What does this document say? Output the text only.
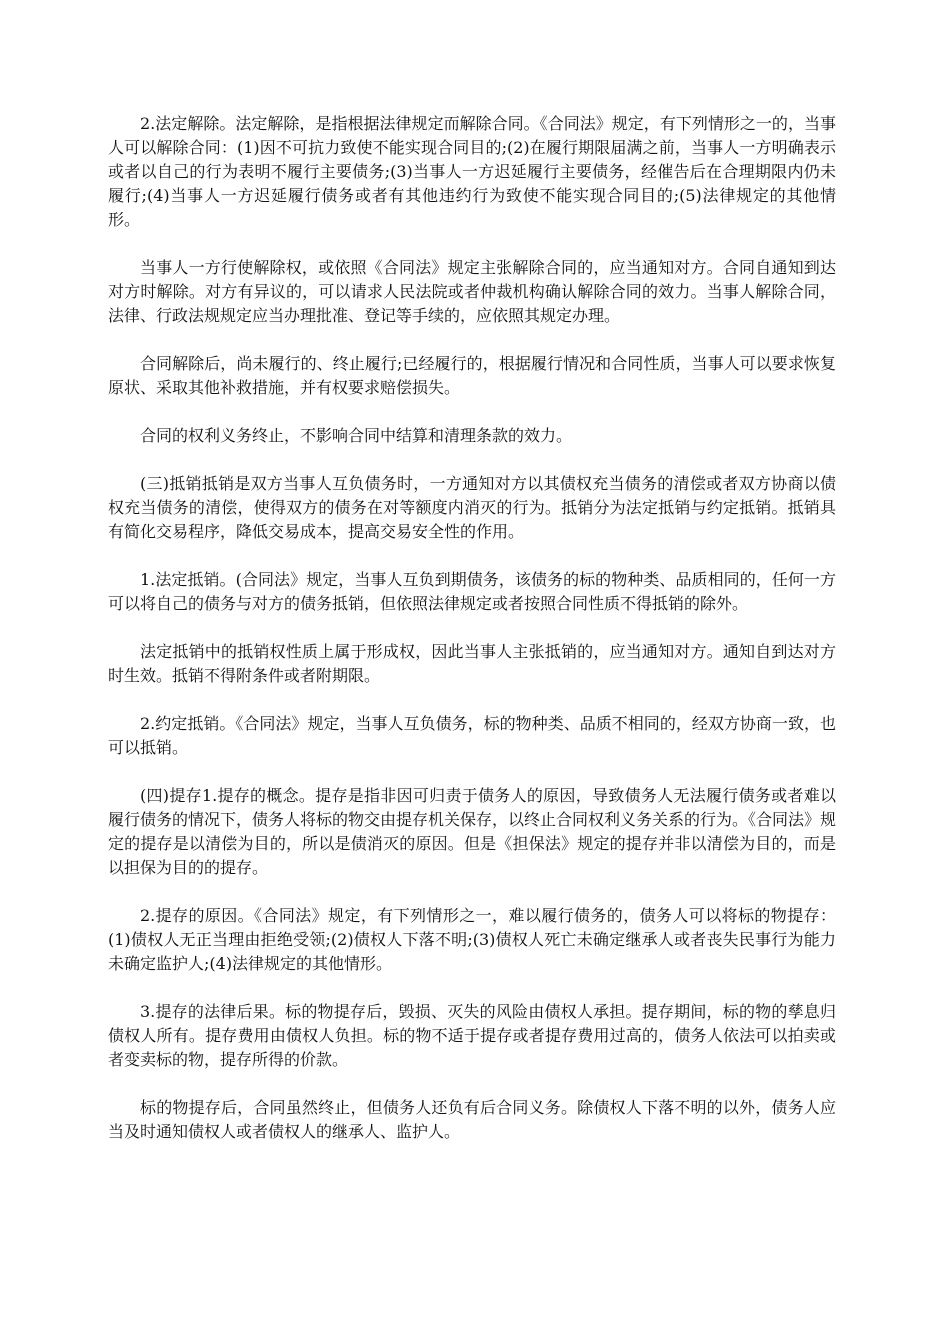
2.法定解除。法定解除，是指根据法律规定而解除合同。《合同法》规定，有下列情形之一的，当事人可以解除合同：(1)因不可抗力致使不能实现合同目的;(2)在履行期限届满之前，当事人一方明确表示或者以自己的行为表明不履行主要债务;(3)当事人一方迟延履行主要债务，经催告后在合理期限内仍未履行;(4)当事人一方迟延履行债务或者有其他违约行为致使不能实现合同目的;(5)法律规定的其他情形。

当事人一方行使解除权，或依照《合同法》规定主张解除合同的，应当通知对方。合同自通知到达对方时解除。对方有异议的，可以请求人民法院或者仲裁机构确认解除合同的效力。当事人解除合同，法律、行政法规规定应当办理批准、登记等手续的，应依照其规定办理。

合同解除后，尚未履行的、终止履行;已经履行的，根据履行情况和合同性质，当事人可以要求恢复原状、采取其他补救措施，并有权要求赔偿损失。

合同的权利义务终止，不影响合同中结算和清理条款的效力。

(三)抵销抵销是双方当事人互负债务时，一方通知对方以其债权充当债务的清偿或者双方协商以债权充当债务的清偿，使得双方的债务在对等额度内消灭的行为。抵销分为法定抵销与约定抵销。抵销具有简化交易程序，降低交易成本，提高交易安全性的作用。

1.法定抵销。(合同法》规定，当事人互负到期债务，该债务的标的物种类、品质相同的，任何一方可以将自己的债务与对方的债务抵销，但依照法律规定或者按照合同性质不得抵销的除外。

法定抵销中的抵销权性质上属于形成权，因此当事人主张抵销的，应当通知对方。通知自到达对方时生效。抵销不得附条件或者附期限。

2.约定抵销。《合同法》规定，当事人互负债务，标的物种类、品质不相同的，经双方协商一致，也可以抵销。

(四)提存1.提存的概念。提存是指非因可归责于债务人的原因，导致债务人无法履行债务或者难以履行债务的情况下，债务人将标的物交由提存机关保存，以终止合同权利义务关系的行为。《合同法》规定的提存是以清偿为目的，所以是债消灭的原因。但是《担保法》规定的提存并非以清偿为目的，而是以担保为目的的提存。

2.提存的原因。《合同法》规定，有下列情形之一，难以履行债务的，债务人可以将标的物提存：(1)债权人无正当理由拒绝受领;(2)债权人下落不明;(3)债权人死亡未确定继承人或者丧失民事行为能力未确定监护人;(4)法律规定的其他情形。

3.提存的法律后果。标的物提存后，毁损、灭失的风险由债权人承担。提存期间，标的物的孳息归债权人所有。提存费用由债权人负担。标的物不适于提存或者提存费用过高的，债务人依法可以拍卖或者变卖标的物，提存所得的价款。

标的物提存后，合同虽然终止，但债务人还负有后合同义务。除债权人下落不明的以外，债务人应当及时通知债权人或者债权人的继承人、监护人。
